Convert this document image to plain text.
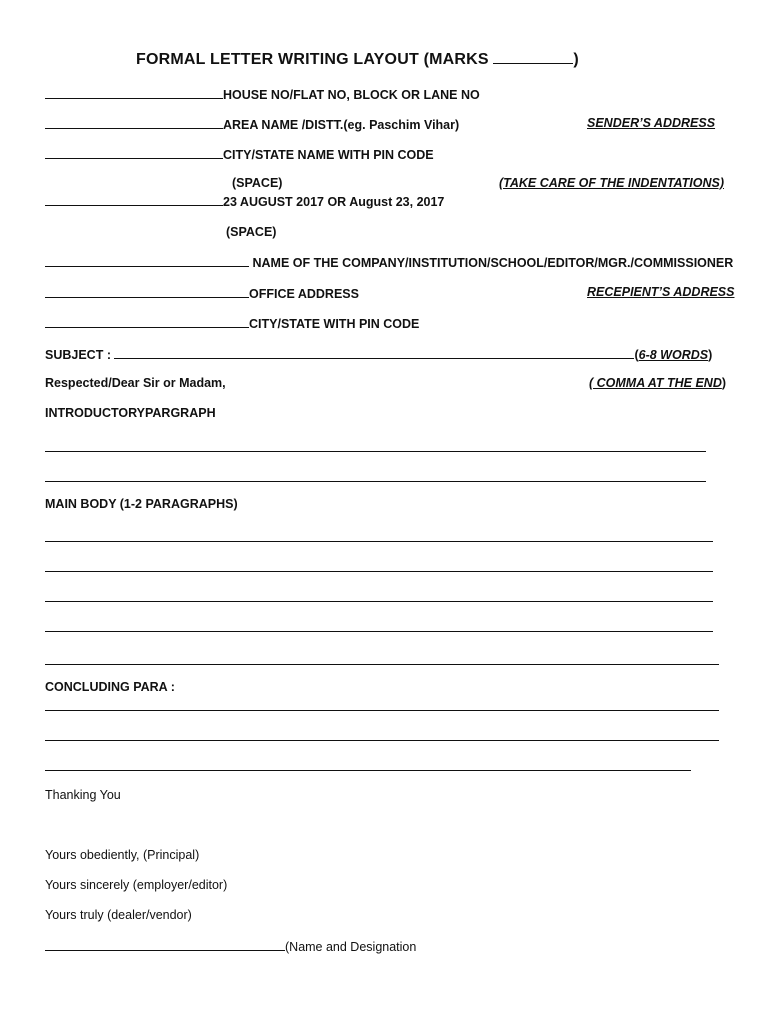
FORMAL LETTER WRITING LAYOUT (MARKS	)
HOUSE NO/FLAT NO, BLOCK OR LANE NO
AREA NAME /DISTT.(eg. Paschim Vihar)	SENDER’S ADDRESS
CITY/STATE NAME WITH PIN CODE
(SPACE)	(TAKE CARE OF THE INDENTATIONS)
23 AUGUST 2017 OR August 23, 2017
(SPACE)
NAME OF THE COMPANY/INSTITUTION/SCHOOL/EDITOR/MGR./COMMISSIONER
OFFICE ADDRESS	RECEPIENT’S ADDRESS
CITY/STATE WITH PIN CODE
SUBJECT :	(6-8 WORDS)
Respected/Dear Sir or Madam,	( COMMA AT THE END)
INTRODUCTORYPARGRAPH
MAIN BODY (1-2 PARAGRAPHS)
CONCLUDING PARA :
Thanking You
Yours obediently, (Principal)
Yours sincerely (employer/editor)
Yours truly (dealer/vendor)
(Name and Designation
